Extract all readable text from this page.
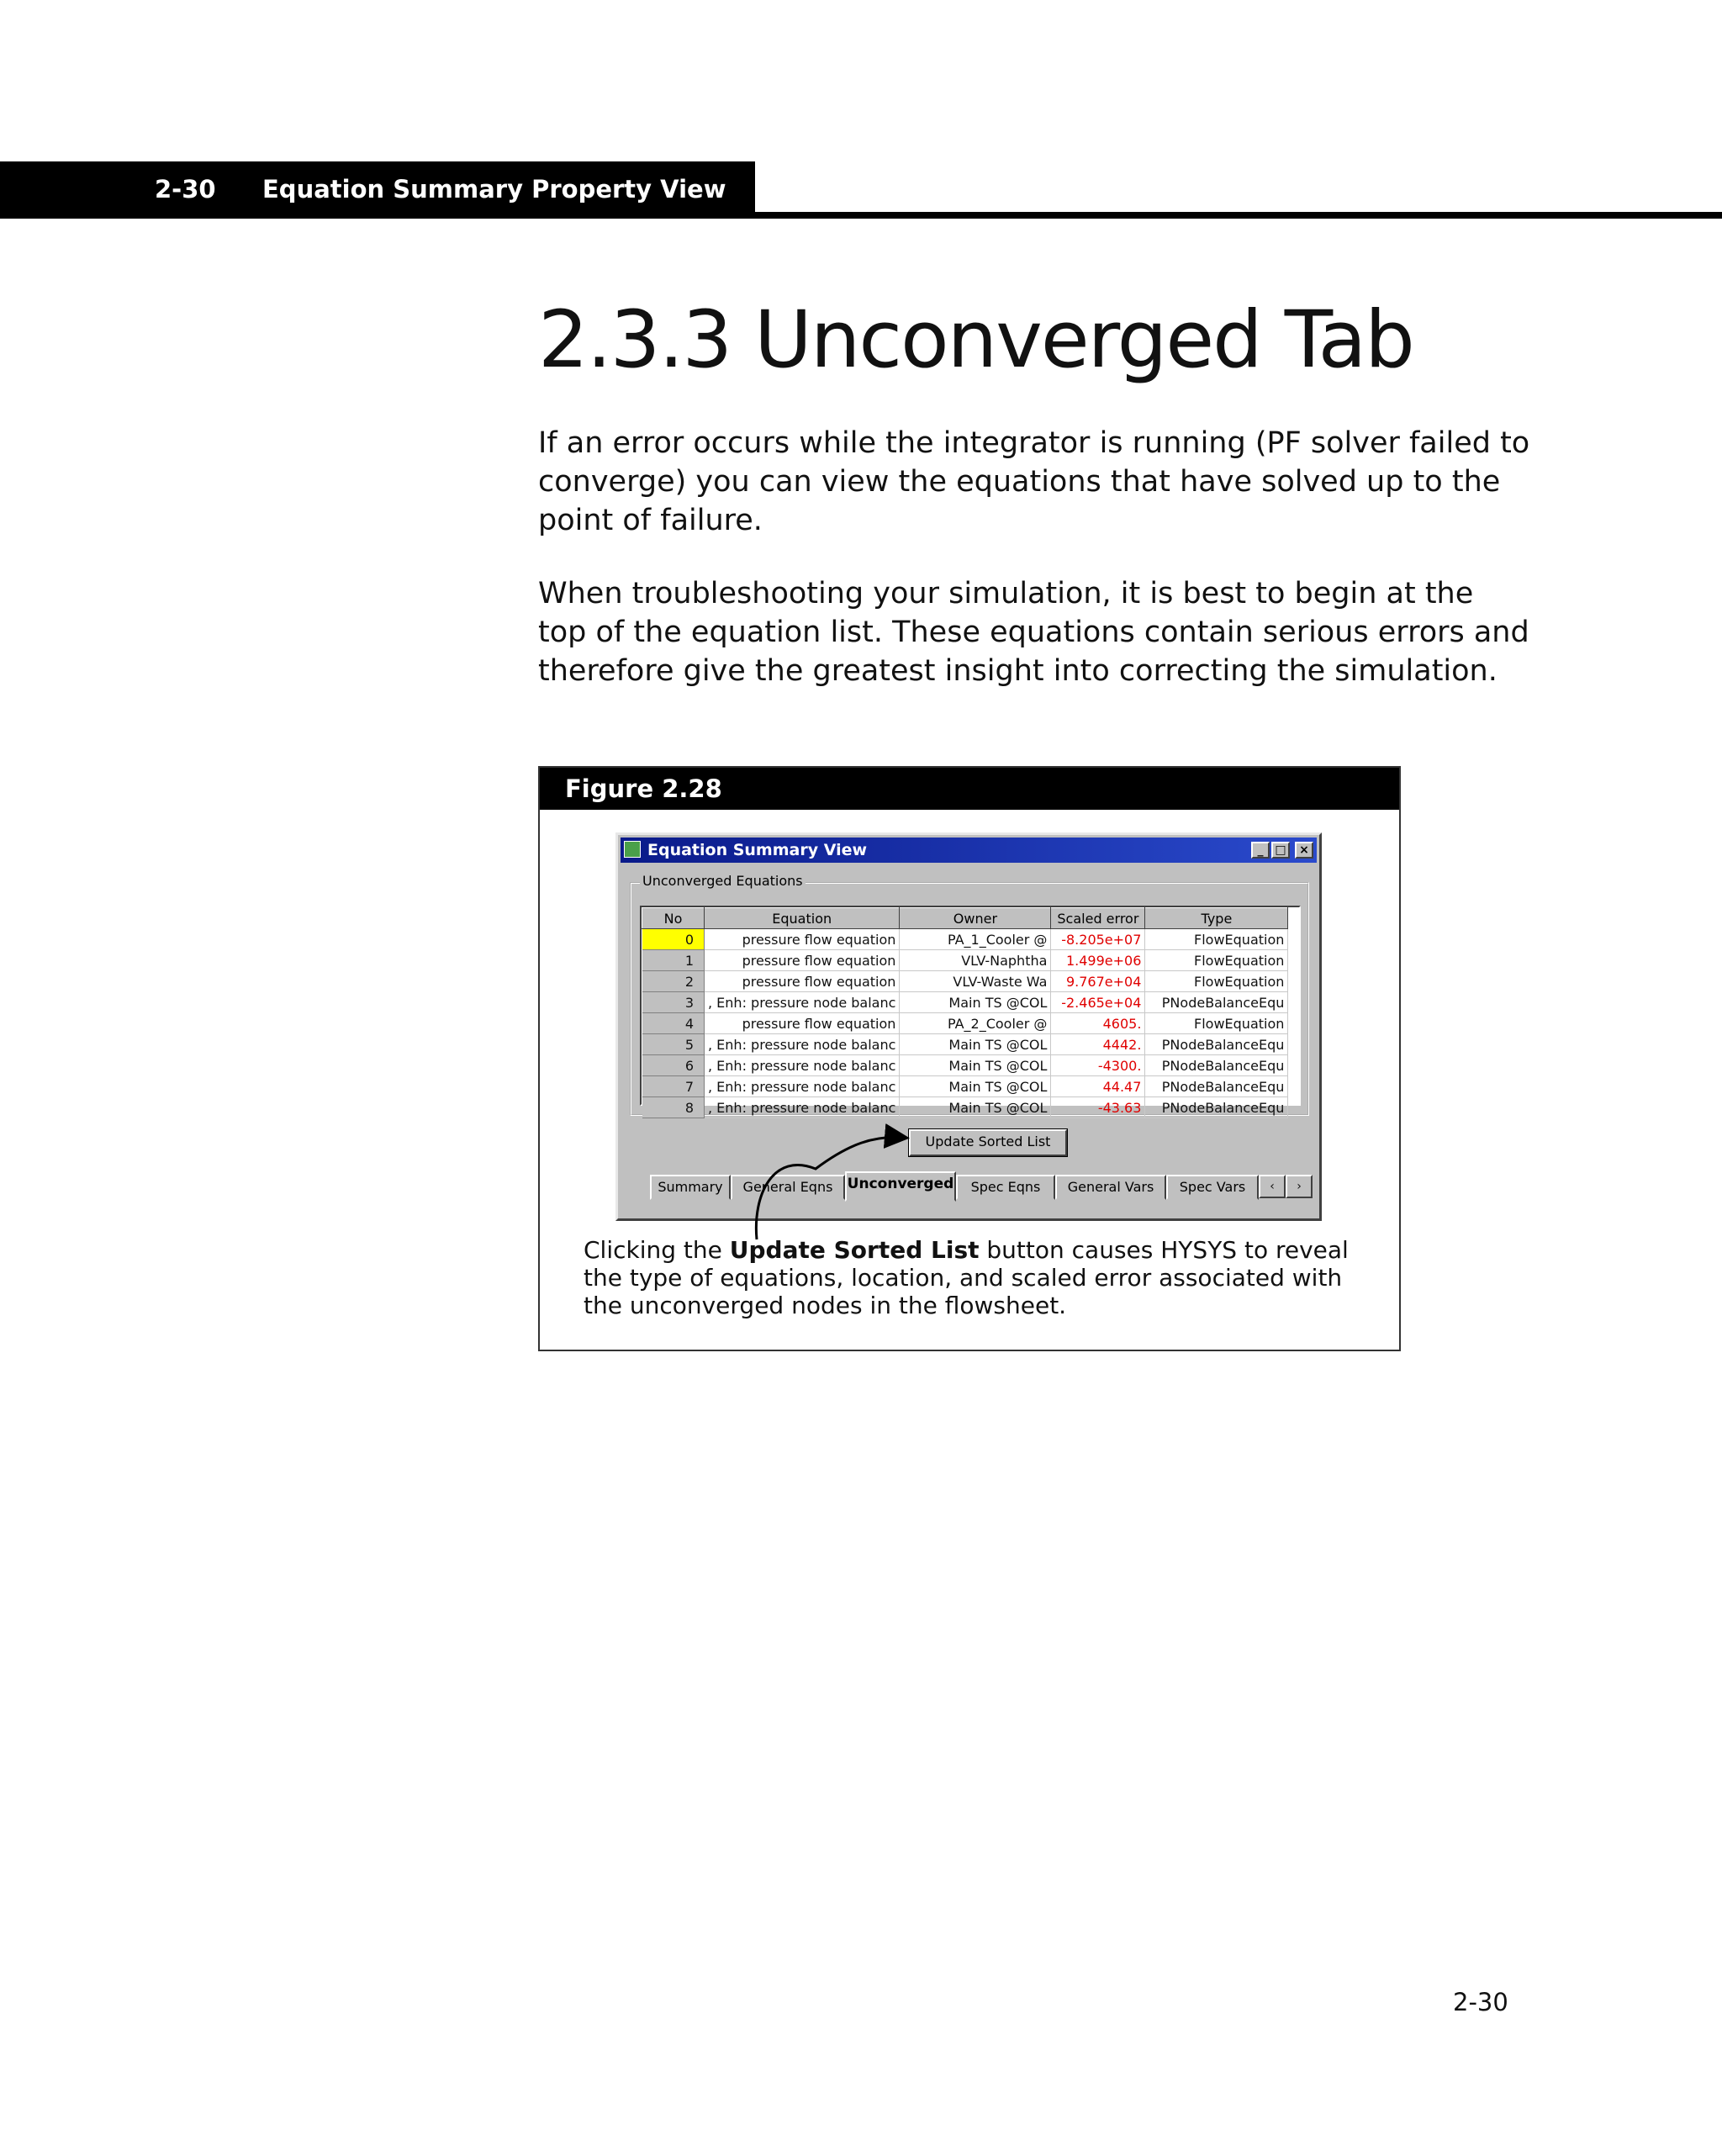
2-30 Equation Summary Property View
2.3.3 Unconverged Tab

If an error occurs while the integrator is running (PF solver failed to converge) you can view the equations that have solved up to the point of failure.

When troubleshooting your simulation, it is best to begin at the top of the equation list. These equations contain serious errors and therefore give the greatest insight into correcting the simulation.

Figure 2.28
Equation Summary View	_ □	×
Unconverged Equations
No	Equation	Owner	Scaled error	Type
0	pressure flow equation	PA_1_Cooler @	-8.205e+07	FlowEquation
1	pressure flow equation	VLV-Naphtha	1.499e+06	FlowEquation
2	pressure flow equation	VLV-Waste Wa	9.767e+04	FlowEquation
3	, Enh: pressure node balanc	Main TS @COL	-2.465e+04	PNodeBalanceEqu
4	pressure flow equation	PA_2_Cooler @	4605.	FlowEquation
5	, Enh: pressure node balanc	Main TS @COL	4442.	PNodeBalanceEqu
6	, Enh: pressure node balanc	Main TS @COL	-4300.	PNodeBalanceEqu
7	, Enh: pressure node balanc	Main TS @COL	44.47	PNodeBalanceEqu
8	, Enh: pressure node balanc	Main TS @COL	-43.63	PNodeBalanceEqu
Update Sorted List
Summary	General Eqns	Unconverged	Spec Eqns	General Vars	Spec Vars	‹	›

Clicking the Update Sorted List button causes HYSYS to reveal the type of equations, location, and scaled error associated with the unconverged nodes in the flowsheet.

2-30
